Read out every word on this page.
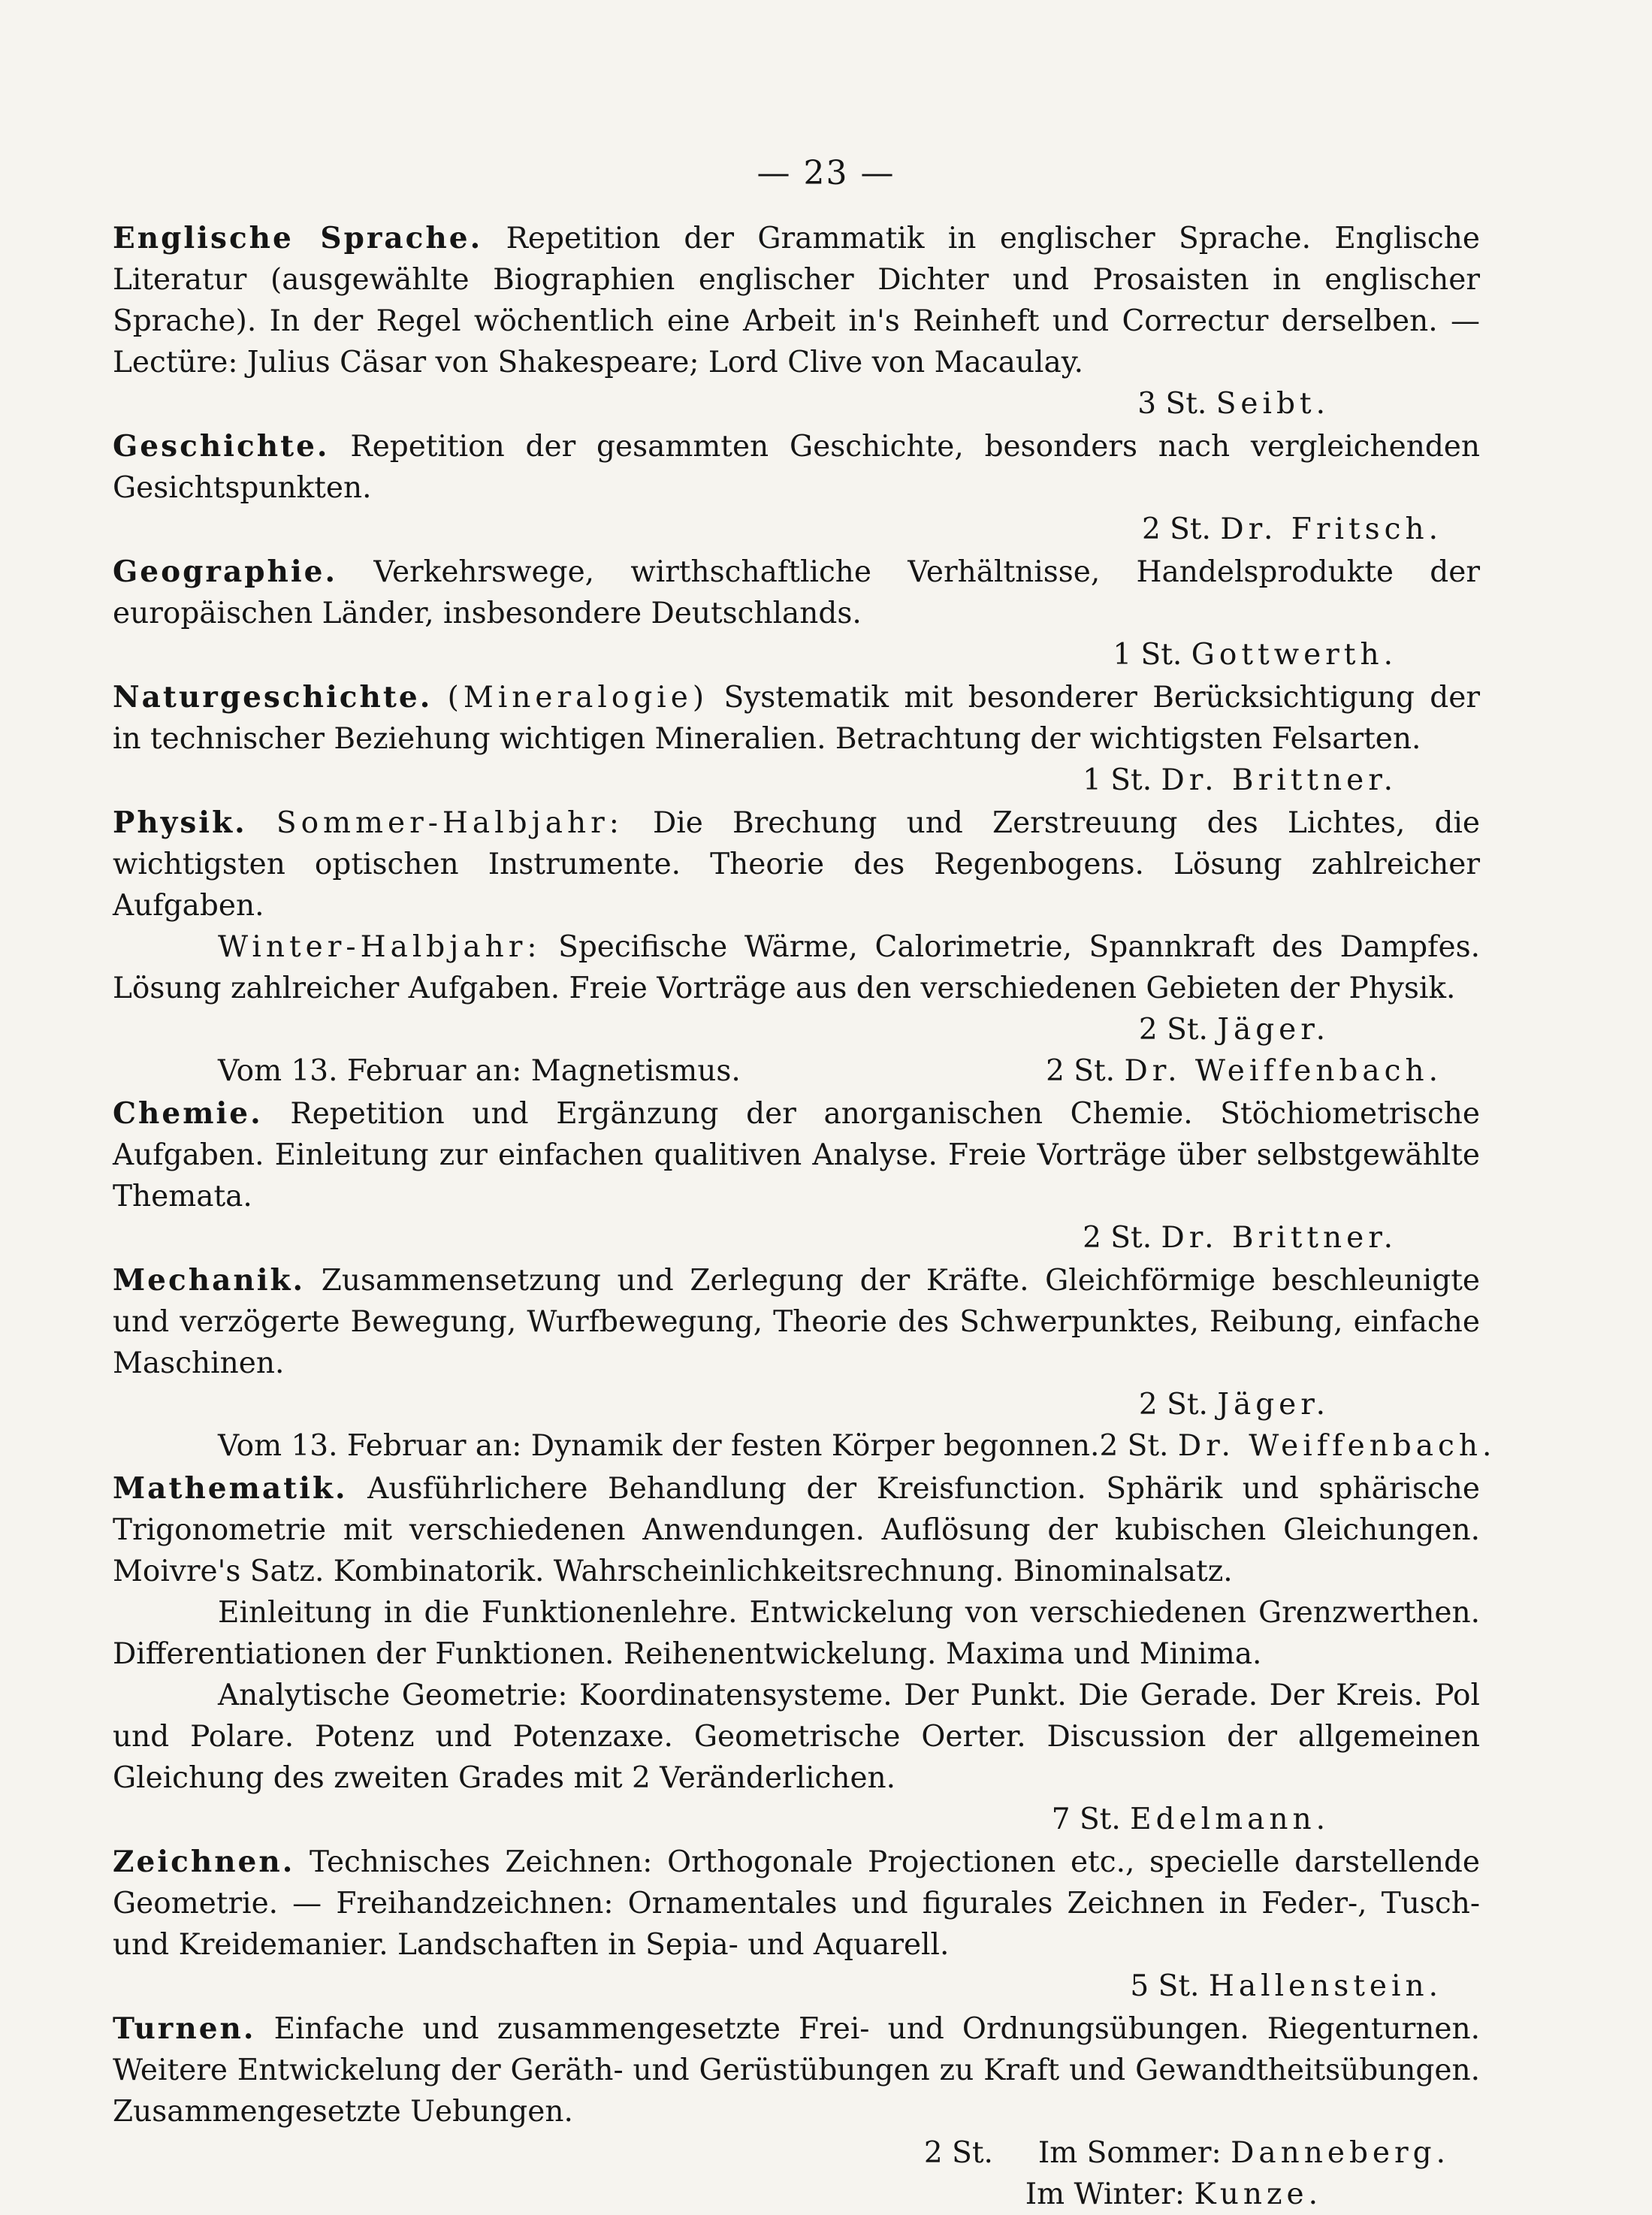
— 23 —

Englische Sprache. Repetition der Grammatik in englischer Sprache. Englische Literatur (ausgewählte Biographien englischer Dichter und Prosaisten in englischer Sprache). In der Regel wöchentlich eine Arbeit in's Reinheft und Correctur derselben. — Lectüre: Julius Cäsar von Shakespeare; Lord Clive von Macaulay.
3 St. Seibt.

Geschichte. Repetition der gesammten Geschichte, besonders nach vergleichenden Gesichtspunkten.
2 St. Dr. Fritsch.

Geographie. Verkehrswege, wirthschaftliche Verhältnisse, Handelsprodukte der europäischen Länder, insbesondere Deutschlands.
1 St. Gottwerth.

Naturgeschichte. (Mineralogie) Systematik mit besonderer Berücksichtigung der in technischer Beziehung wichtigen Mineralien. Betrachtung der wichtigsten Felsarten.
1 St. Dr. Brittner.

Physik. Sommer-Halbjahr: Die Brechung und Zerstreuung des Lichtes, die wichtigsten optischen Instrumente. Theorie des Regenbogens. Lösung zahlreicher Aufgaben.

Winter-Halbjahr: Specifische Wärme, Calorimetrie, Spannkraft des Dampfes. Lösung zahlreicher Aufgaben. Freie Vorträge aus den verschiedenen Gebieten der Physik.
2 St. Jäger.

Vom 13. Februar an: Magnetismus.	2 St. Dr. Weiffenbach.

Chemie. Repetition und Ergänzung der anorganischen Chemie. Stöchiometrische Aufgaben. Einleitung zur einfachen qualitiven Analyse. Freie Vorträge über selbstgewählte Themata.
2 St. Dr. Brittner.

Mechanik. Zusammensetzung und Zerlegung der Kräfte. Gleichförmige beschleunigte und verzögerte Bewegung, Wurfbewegung, Theorie des Schwerpunktes, Reibung, einfache Maschinen.
2 St. Jäger.

Vom 13. Februar an: Dynamik der festen Körper begonnen. 2 St. Dr. Weiffenbach.

Mathematik. Ausführlichere Behandlung der Kreisfunction. Sphärik und sphärische Trigonometrie mit verschiedenen Anwendungen. Auflösung der kubischen Gleichungen. Moivre's Satz. Kombinatorik. Wahrscheinlichkeitsrechnung. Binominalsatz.

Einleitung in die Funktionenlehre. Entwickelung von verschiedenen Grenzwerthen. Differentiationen der Funktionen. Reihenentwickelung. Maxima und Minima.

Analytische Geometrie: Koordinatensysteme. Der Punkt. Die Gerade. Der Kreis. Pol und Polare. Potenz und Potenzaxe. Geometrische Oerter. Discussion der allgemeinen Gleichung des zweiten Grades mit 2 Veränderlichen.
7 St. Edelmann.

Zeichnen. Technisches Zeichnen: Orthogonale Projectionen etc., specielle darstellende Geometrie. — Freihandzeichnen: Ornamentales und figurales Zeichnen in Feder-, Tusch- und Kreidemanier. Landschaften in Sepia- und Aquarell.
5 St. Hallenstein.

Turnen. Einfache und zusammengesetzte Frei- und Ordnungsübungen. Riegenturnen. Weitere Entwickelung der Geräth- und Gerüstübungen zu Kraft und Gewandtheitsübungen. Zusammengesetzte Uebungen.

2 St. Im Sommer: Danneberg.
Im Winter: Kunze.
